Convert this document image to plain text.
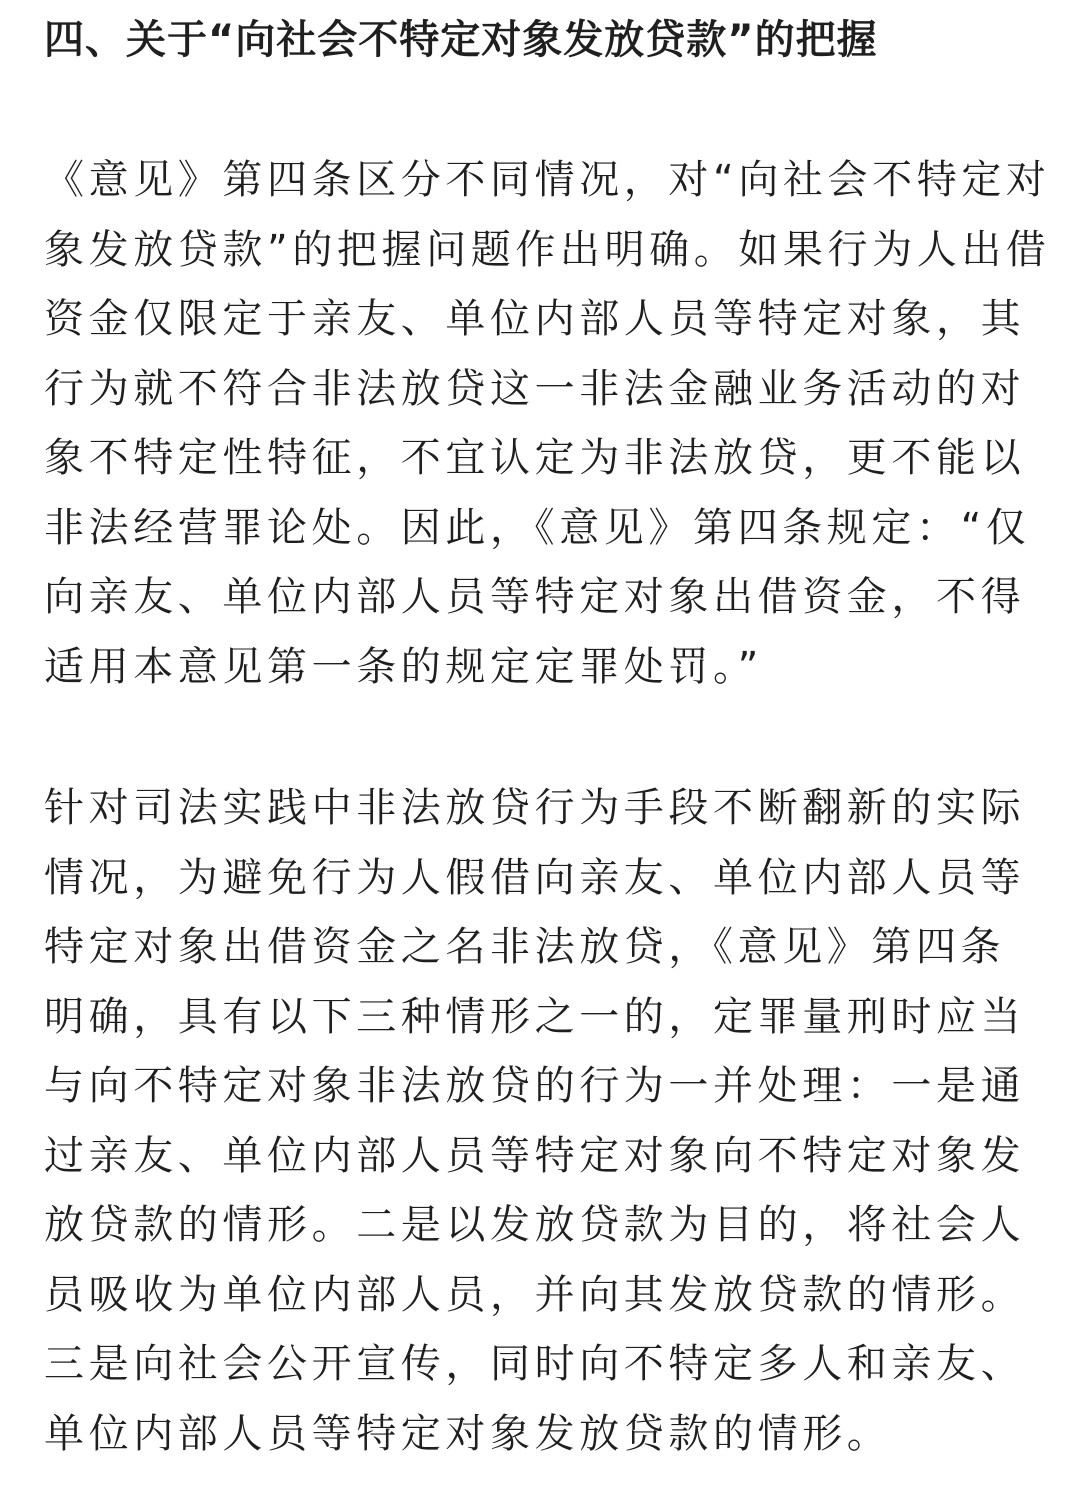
四、关于“向社会不特定对象发放贷款”的把握

《意见》第四条区分不同情况，对“向社会不特定对
象发放贷款”的把握问题作出明确。如果行为人出借
资金仅限定于亲友、单位内部人员等特定对象，其
行为就不符合非法放贷这一非法金融业务活动的对
象不特定性特征，不宜认定为非法放贷，更不能以
非法经营罪论处。因此，《意见》第四条规定：“仅
向亲友、单位内部人员等特定对象出借资金，不得
适用本意见第一条的规定定罪处罚。”

针对司法实践中非法放贷行为手段不断翻新的实际
情况，为避免行为人假借向亲友、单位内部人员等
特定对象出借资金之名非法放贷，《意见》第四条
明确，具有以下三种情形之一的，定罪量刑时应当
与向不特定对象非法放贷的行为一并处理：一是通
过亲友、单位内部人员等特定对象向不特定对象发
放贷款的情形。二是以发放贷款为目的，将社会人
员吸收为单位内部人员，并向其发放贷款的情形。
三是向社会公开宣传，同时向不特定多人和亲友、
单位内部人员等特定对象发放贷款的情形。
